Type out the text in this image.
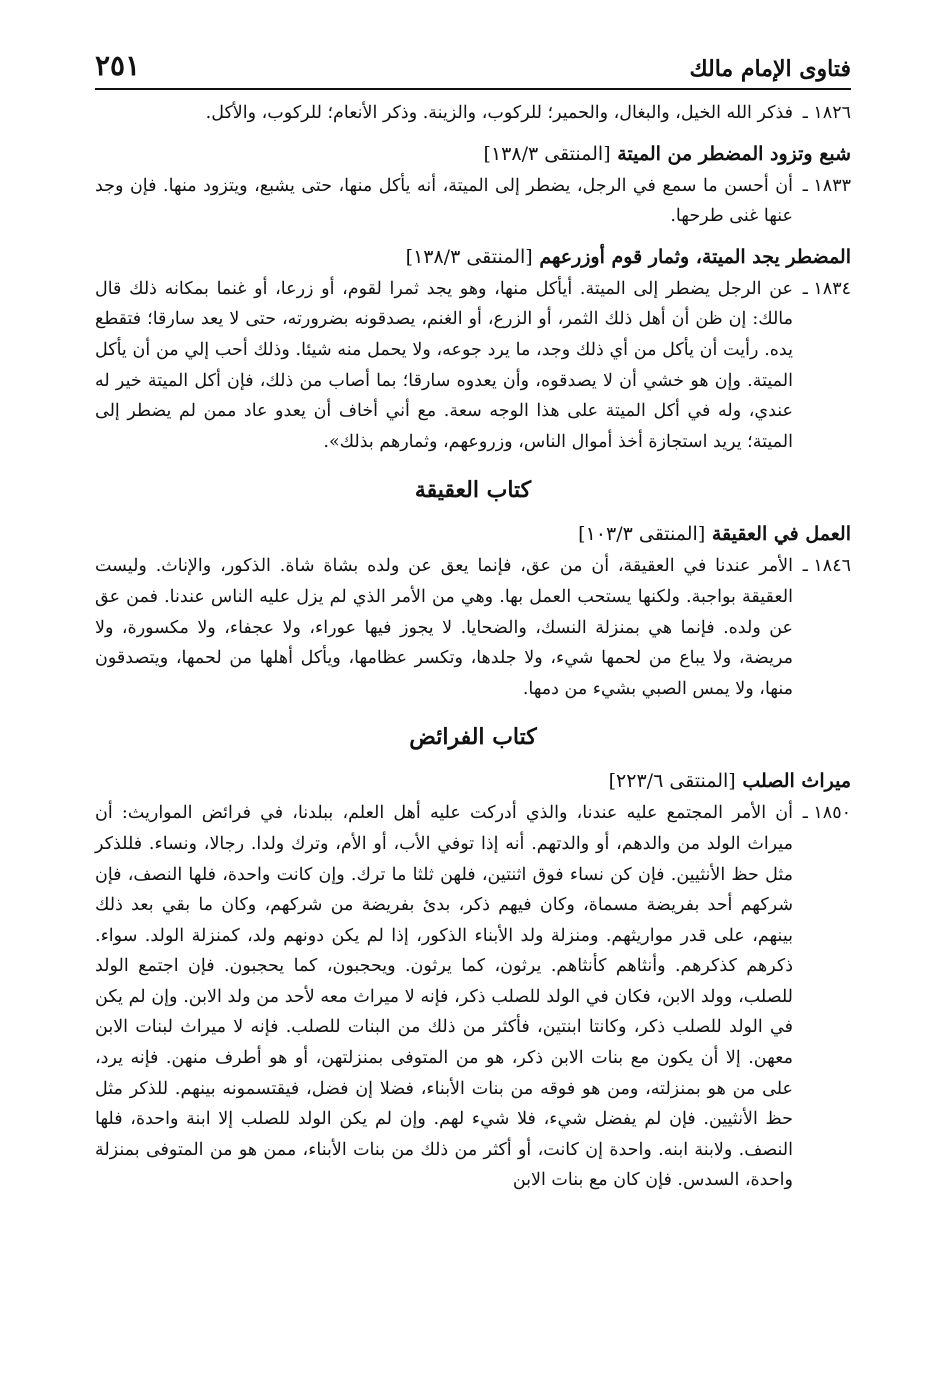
فتاوى الإمام مالك
٢٥١
١٨٢٦ ـ
فذكر الله الخيل، والبغال، والحمير؛ للركوب، والزينة. وذكر الأنعام؛ للركوب، والأكل.
شبع وتزود المضطر من الميتة [المنتقى ١٣٨/٣]
١٨٣٣ ـ
أن أحسن ما سمع في الرجل، يضطر إلى الميتة، أنه يأكل منها، حتى يشبع، ويتزود منها. فإن وجد عنها غنى طرحها.
المضطر يجد الميتة، وثمار قوم أوزرعهم [المنتقى ١٣٨/٣]
١٨٣٤ ـ
عن الرجل يضطر إلى الميتة. أيأكل منها، وهو يجد ثمرا لقوم، أو زرعا، أو غنما بمكانه ذلك قال مالك: إن ظن أن أهل ذلك الثمر، أو الزرع، أو الغنم، يصدقونه بضرورته، حتى لا يعد سارقا؛ فتقطع يده. رأيت أن يأكل من أي ذلك وجد، ما يرد جوعه، ولا يحمل منه شيئا. وذلك أحب إلي من أن يأكل الميتة. وإن هو خشي أن لا يصدقوه، وأن يعدوه سارقا؛ بما أصاب من ذلك، فإن أكل الميتة خير له عندي، وله في أكل الميتة على هذا الوجه سعة. مع أني أخاف أن يعدو عاد ممن لم يضطر إلى الميتة؛ يريد استجازة أخذ أموال الناس، وزروعهم، وثمارهم بذلك».
كتاب العقيقة
العمل في العقيقة [المنتقى ١٠٣/٣]
١٨٤٦ ـ
الأمر عندنا في العقيقة، أن من عق، فإنما يعق عن ولده بشاة شاة. الذكور، والإناث. وليست العقيقة بواجبة. ولكنها يستحب العمل بها. وهي من الأمر الذي لم يزل عليه الناس عندنا. فمن عق عن ولده. فإنما هي بمنزلة النسك، والضحايا. لا يجوز فيها عوراء، ولا عجفاء، ولا مكسورة، ولا مريضة، ولا يباع من لحمها شيء، ولا جلدها، وتكسر عظامها، ويأكل أهلها من لحمها، ويتصدقون منها، ولا يمس الصبي بشيء من دمها.
كتاب الفرائض
ميراث الصلب [المنتقى ٢٢٣/٦]
١٨٥٠ ـ
أن الأمر المجتمع عليه عندنا، والذي أدركت عليه أهل العلم، ببلدنا، في فرائض المواريث: أن ميراث الولد من والدهم، أو والدتهم. أنه إذا توفي الأب، أو الأم، وترك ولدا. رجالا، ونساء. فللذكر مثل حظ الأنثيين. فإن كن نساء فوق اثنتين، فلهن ثلثا ما ترك. وإن كانت واحدة، فلها النصف، فإن شركهم أحد بفريضة مسماة، وكان فيهم ذكر، بدئ بفريضة من شركهم، وكان ما بقي بعد ذلك بينهم، على قدر مواريثهم. ومنزلة ولد الأبناء الذكور، إذا لم يكن دونهم ولد، كمنزلة الولد. سواء. ذكرهم كذكرهم. وأنثاهم كأنثاهم. يرثون، كما يرثون. ويحجبون، كما يحجبون. فإن اجتمع الولد للصلب، وولد الابن، فكان في الولد للصلب ذكر، فإنه لا ميراث معه لأحد من ولد الابن. وإن لم يكن في الولد للصلب ذكر، وكانتا ابنتين، فأكثر من ذلك من البنات للصلب. فإنه لا ميراث لبنات الابن معهن. إلا أن يكون مع بنات الابن ذكر، هو من المتوفى بمنزلتهن، أو هو أطرف منهن. فإنه يرد، على من هو بمنزلته، ومن هو فوقه من بنات الأبناء، فضلا إن فضل، فيقتسمونه بينهم. للذكر مثل حظ الأنثيين. فإن لم يفضل شيء، فلا شيء لهم. وإن لم يكن الولد للصلب إلا ابنة واحدة، فلها النصف. ولابنة ابنه. واحدة إن كانت، أو أكثر من ذلك من بنات الأبناء، ممن هو من المتوفى بمنزلة واحدة، السدس. فإن كان مع بنات الابن
